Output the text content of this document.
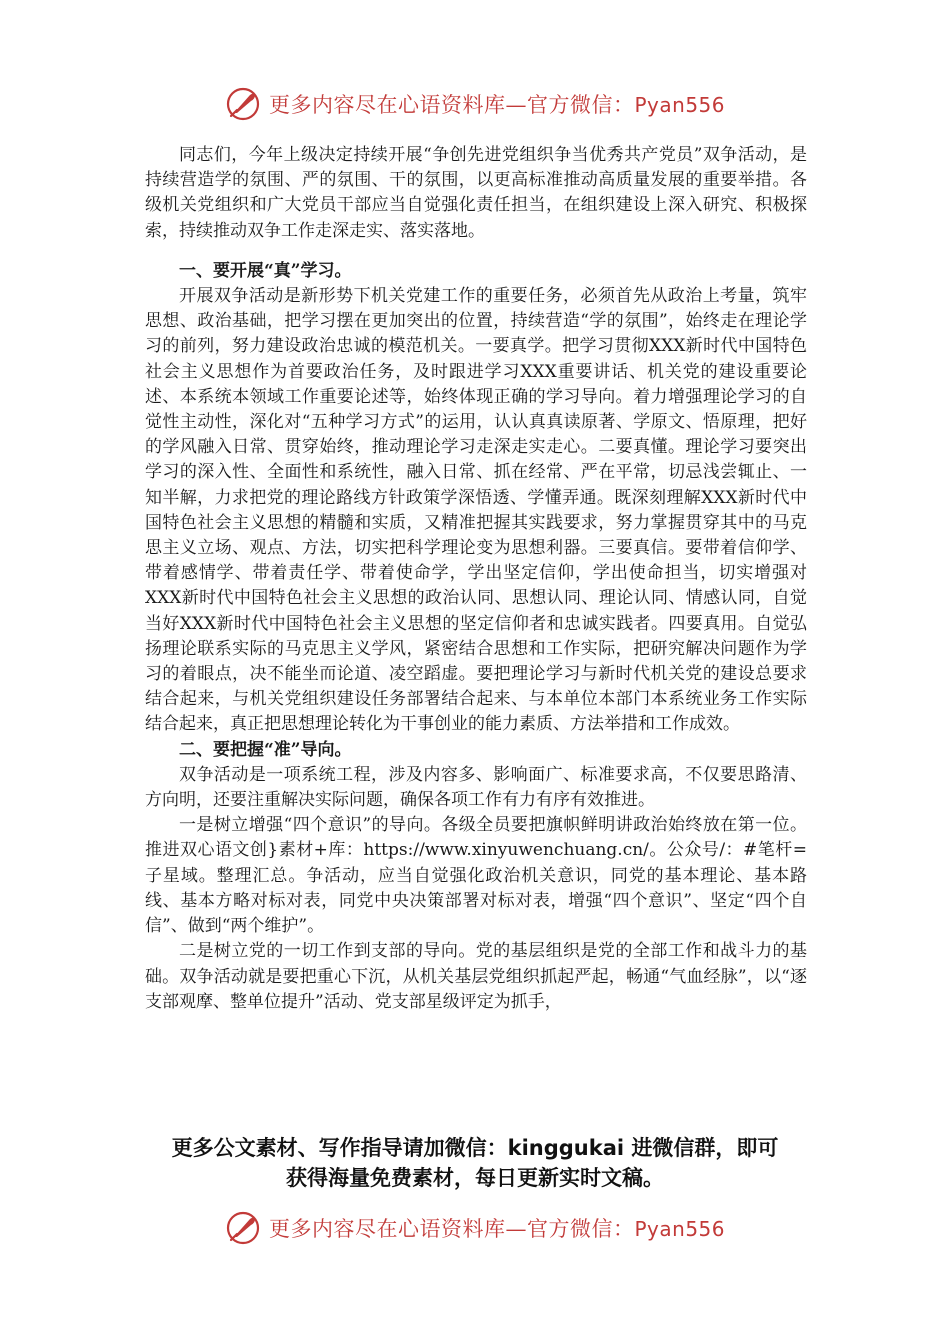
更多内容尽在心语资料库—官方微信：Pyan556

同志们，今年上级决定持续开展“争创先进党组织争当优秀共产党员”双争活动，是持续营造学的氛围、严的氛围、干的氛围，以更高标准推动高质量发展的重要举措。各级机关党组织和广大党员干部应当自觉强化责任担当，在组织建设上深入研究、积极探索，持续推动双争工作走深走实、落实落地。

一、要开展“真”学习。

开展双争活动是新形势下机关党建工作的重要任务，必须首先从政治上考量，筑牢思想、政治基础，把学习摆在更加突出的位置，持续营造“学的氛围”，始终走在理论学习的前列，努力建设政治忠诚的模范机关。一要真学。把学习贯彻XXX新时代中国特色社会主义思想作为首要政治任务，及时跟进学习XXX重要讲话、机关党的建设重要论述、本系统本领域工作重要论述等，始终体现正确的学习导向。着力增强理论学习的自觉性主动性，深化对“五种学习方式”的运用，认认真真读原著、学原文、悟原理，把好的学风融入日常、贯穿始终，推动理论学习走深走实走心。二要真懂。理论学习要突出学习的深入性、全面性和系统性，融入日常、抓在经常、严在平常，切忌浅尝辄止、一知半解，力求把党的理论路线方针政策学深悟透、学懂弄通。既深刻理解XXX新时代中国特色社会主义思想的精髓和实质，又精准把握其实践要求，努力掌握贯穿其中的马克思主义立场、观点、方法，切实把科学理论变为思想利器。三要真信。要带着信仰学、带着感情学、带着责任学、带着使命学，学出坚定信仰，学出使命担当，切实增强对XXX新时代中国特色社会主义思想的政治认同、思想认同、理论认同、情感认同，自觉当好XXX新时代中国特色社会主义思想的坚定信仰者和忠诚实践者。四要真用。自觉弘扬理论联系实际的马克思主义学风，紧密结合思想和工作实际，把研究解决问题作为学习的着眼点，决不能坐而论道、凌空蹈虚。要把理论学习与新时代机关党的建设总要求结合起来，与机关党组织建设任务部署结合起来、与本单位本部门本系统业务工作实际结合起来，真正把思想理论转化为干事创业的能力素质、方法举措和工作成效。

二、要把握“准”导向。

双争活动是一项系统工程，涉及内容多、影响面广、标准要求高，不仅要思路清、方向明，还要注重解决实际问题，确保各项工作有力有序有效推进。

一是树立增强“四个意识”的导向。各级全员要把旗帜鲜明讲政治始终放在第一位。推进双心语文创}素材+库：https://www.xinyuwenchuang.cn/。公众号/：#笔杆=子星域。整理汇总。争活动，应当自觉强化政治机关意识，同党的基本理论、基本路线、基本方略对标对表，同党中央决策部署对标对表，增强“四个意识”、坚定“四个自信”、做到“两个维护”。

二是树立党的一切工作到支部的导向。党的基层组织是党的全部工作和战斗力的基础。双争活动就是要把重心下沉，从机关基层党组织抓起严起，畅通“气血经脉”，以“逐支部观摩、整单位提升”活动、党支部星级评定为抓手，

更多公文素材、写作指导请加微信：kinggukai 进微信群，即可
获得海量免费素材，每日更新实时文稿。
更多内容尽在心语资料库—官方微信：Pyan556
